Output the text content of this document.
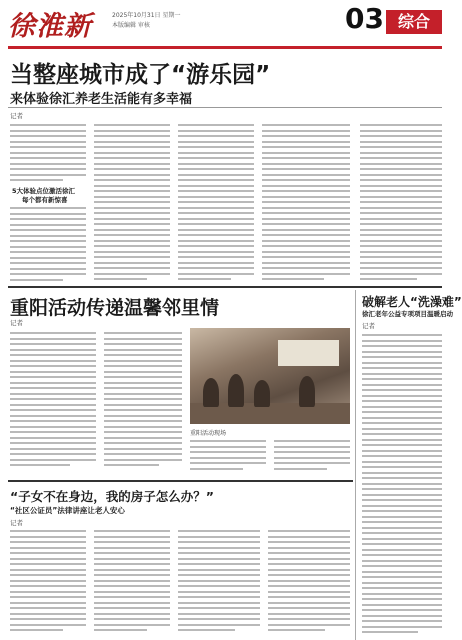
徐淮新	2025年10月31日 星期一
本版编辑 审核	03 综合
当整座城市成了“游乐园”
来体验徐汇养老生活能有多幸福
记者
5大体验点位激活徐汇
每个都有新惊喜
重阳活动传递温馨邻里情
记者
重阳活动现场
破解老人“洗澡难”
徐汇老年公益专项项目温暖启动
记者
“子女不在身边，我的房子怎么办？”
“社区公证员”法律讲座让老人安心
记者
